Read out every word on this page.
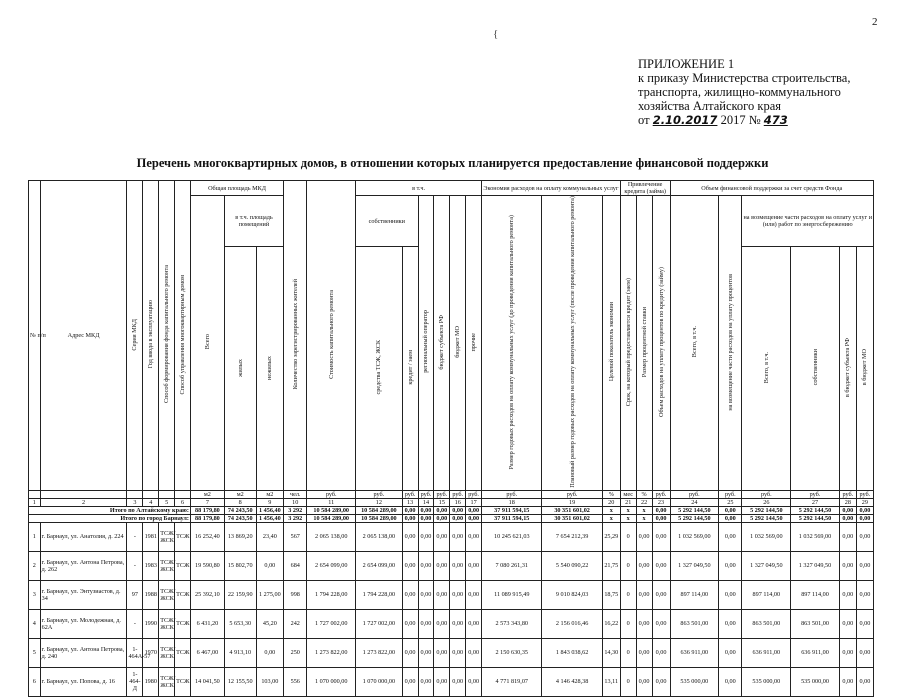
2
{
ПРИЛОЖЕНИЕ 1
к приказу Министерства строительства,
транспорта, жилищно-коммунального
хозяйства Алтайского края
от 2.10.2017 2017 № 473
Перечень многоквартирных домов, в отношении которых планируется предоставление финансовой поддержки
№ п/п	Адрес МКД	Серия МКД	Год ввода в эксплуатацию	Способ формирования фонда капитального ремонта	Способ управления многоквартирным домом	Общая площадь МКД			Количество зарегистрированных жителей	Стоимость капитального ремонта	в т.ч.						Экономия расходов на оплату коммунальных услуг			Привлечение кредита (займа)			Объем финансовой поддержки за счет средств Фонда					
						Всего	в т.ч. площадь помещений				собственники		региональный оператор	бюджет субъекта РФ	бюджет МО	прочие	Размер годовых расходов на оплату коммунальных услуг (до проведения капитального ремонта)	Плановый размер годовых расходов на оплату коммунальных услуг (после проведения капитального ремонта)	Целевой показатель экономии	Срок, на который предоставляется кредит (заем)	Размер процентной ставки	Объем расходов на уплату процентов по кредиту (займу)	Всего, в т.ч.	на возмещение части расходов на уплату процентов	на возмещение части расходов на оплату услуг и (или) работ по энергосбережению			
							жилых	нежилых			средства ТСЖ, ЖСК	кредит / заем													Всего, в т.ч.	собственники	в бюджет субъекта РФ	в бюджет МО
						м2	м2	м2	чел.	руб.	руб.	руб.	руб.	руб.	руб.	руб.	руб.	руб.	%	мес	%	руб.	руб.	руб.	руб.	руб.	руб.	руб.
1	2	3	4	5	6	7	8	9	10	11	12	13	14	15	16	17	18	19	20	21	22	23	24	25	26	27	28	29
Итого по Алтайскому краю:						88 179,80	74 243,50	1 456,40	3 292	10 584 289,00	10 584 289,00	0,00	0,00	0,00	0,00	0,00	37 911 594,15	30 351 601,02	х	х	х	0,00	5 292 144,50	0,00	5 292 144,50	5 292 144,50	0,00	0,00
Итого по город Барнаул:						88 179,80	74 243,50	1 456,40	3 292	10 584 289,00	10 584 289,00	0,00	0,00	0,00	0,00	0,00	37 911 594,15	30 351 601,02	х	х	х	0,00	5 292 144,50	0,00	5 292 144,50	5 292 144,50	0,00	0,00
1	г. Барнаул, ул. Анатолия, д. 224	-	1981	ТСЖ/ ЖСК	ТСЖ	16 252,40	13 869,20	23,40	567	2 065 138,00	2 065 138,00	0,00	0,00	0,00	0,00	0,00	10 245 621,03	7 654 212,39	25,29	0	0,00	0,00	1 032 569,00	0,00	1 032 569,00	1 032 569,00	0,00	0,00
2	г. Барнаул, ул. Антона Петрова, д. 262	-	1983	ТСЖ/ ЖСК	ТСЖ	19 590,80	15 802,70	0,00	684	2 654 099,00	2 654 099,00	0,00	0,00	0,00	0,00	0,00	7 080 261,31	5 540 090,22	21,75	0	0,00	0,00	1 327 049,50	0,00	1 327 049,50	1 327 049,50	0,00	0,00
3	г. Барнаул, ул. Энтузиастов, д. 34	97	1988	ТСЖ/ ЖСК	ТСЖ	25 392,10	22 159,90	1 275,00	998	1 794 228,00	1 794 228,00	0,00	0,00	0,00	0,00	0,00	11 089 915,49	9 010 824,03	18,75	0	0,00	0,00	897 114,00	0,00	897 114,00	897 114,00	0,00	0,00
4	г. Барнаул, ул. Молодежная, д. 62А	-	1990	ТСЖ/ ЖСК	ТСЖ	6 431,20	5 653,30	45,20	242	1 727 002,00	1 727 002,00	0,00	0,00	0,00	0,00	0,00	2 573 343,80	2 156 016,46	16,22	0	0,00	0,00	863 501,00	0,00	863 501,00	863 501,00	0,00	0,00
5	г. Барнаул, ул. Антона Петрова, д. 240	1-464А-57	1970	ТСЖ/ ЖСК	ТСЖ	6 467,00	4 913,10	0,00	250	1 273 822,00	1 273 822,00	0,00	0,00	0,00	0,00	0,00	2 150 630,35	1 843 038,62	14,30	0	0,00	0,00	636 911,00	0,00	636 911,00	636 911,00	0,00	0,00
6	г. Барнаул, ул. Попова, д. 16	1-464-Д	1980	ТСЖ/ ЖСК	ТСЖ	14 041,50	12 155,50	103,00	556	1 070 000,00	1 070 000,00	0,00	0,00	0,00	0,00	0,00	4 771 819,07	4 146 428,38	13,11	0	0,00	0,00	535 000,00	0,00	535 000,00	535 000,00	0,00	0,00
